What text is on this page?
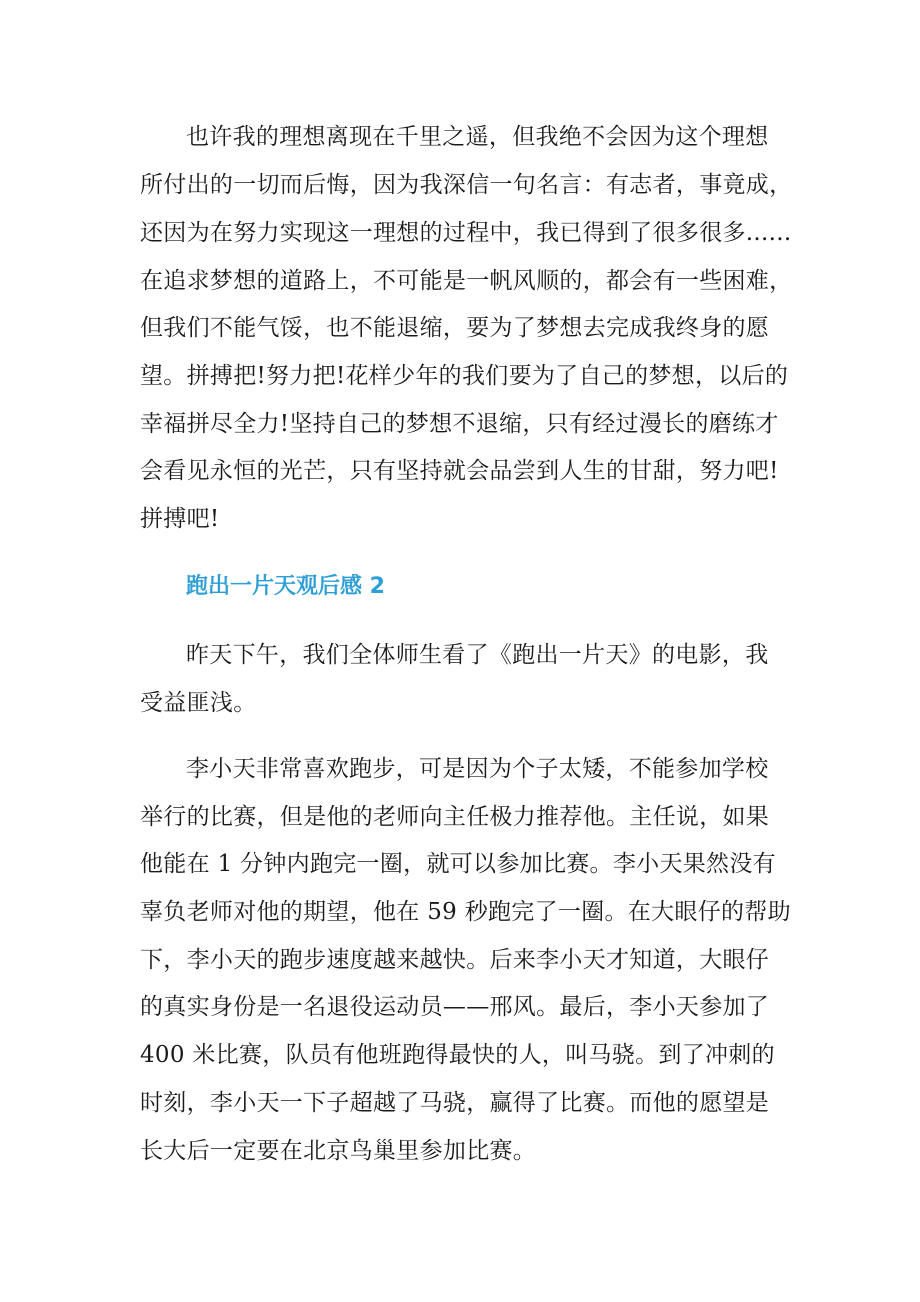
也许我的理想离现在千里之遥，但我绝不会因为这个理想
所付出的一切而后悔，因为我深信一句名言：有志者，事竟成，
还因为在努力实现这一理想的过程中，我已得到了很多很多......
在追求梦想的道路上，不可能是一帆风顺的，都会有一些困难，
但我们不能气馁，也不能退缩，要为了梦想去完成我终身的愿
望。拼搏把!努力把!花样少年的我们要为了自己的梦想，以后的
幸福拼尽全力!坚持自己的梦想不退缩，只有经过漫长的磨练才
会看见永恒的光芒，只有坚持就会品尝到人生的甘甜，努力吧!
拼搏吧!
跑出一片天观后感 2
昨天下午，我们全体师生看了《跑出一片天》的电影，我
受益匪浅。
李小天非常喜欢跑步，可是因为个子太矮，不能参加学校
举行的比赛，但是他的老师向主任极力推荐他。主任说，如果
他能在 1 分钟内跑完一圈，就可以参加比赛。李小天果然没有
辜负老师对他的期望，他在 59 秒跑完了一圈。在大眼仔的帮助
下，李小天的跑步速度越来越快。后来李小天才知道，大眼仔
的真实身份是一名退役运动员——邢风。最后，李小天参加了
400 米比赛，队员有他班跑得最快的人，叫马骁。到了冲刺的
时刻，李小天一下子超越了马骁，赢得了比赛。而他的愿望是
长大后一定要在北京鸟巢里参加比赛。
